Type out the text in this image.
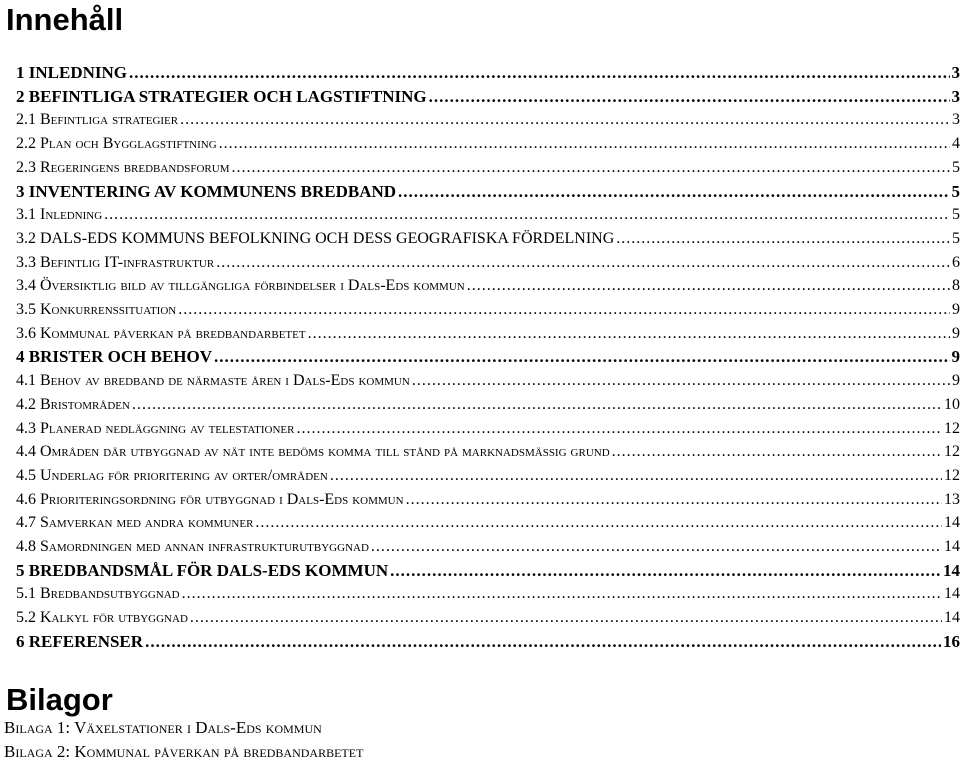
Innehåll
1 INLEDNING .....	3
2 BEFINTLIGA STRATEGIER OCH LAGSTIFTNING .....	3
2.1 Befintliga strategier .....	3
2.2 Plan och Bygglagstiftning .....	4
2.3 Regeringens bredbandsforum .....	5
3 INVENTERING AV KOMMUNENS BREDBAND .....	5
3.1 Inledning .....	5
3.2 DALS-EDS KOMMUNS BEFOLKNING OCH DESS GEOGRAFISKA FÖRDELNING .....	5
3.3 Befintlig IT-infrastruktur .....	6
3.4 Översiktlig bild av tillgängliga förbindelser i Dals-Eds kommun .....	8
3.5 Konkurrenssituation .....	9
3.6 Kommunal påverkan på bredbandarbetet .....	9
4 BRISTER OCH BEHOV .....	9
4.1 Behov av bredband de närmaste åren i Dals-Eds kommun .....	9
4.2 Bristområden .....	10
4.3 Planerad nedläggning av telestationer .....	12
4.4 Områden där utbyggnad av nät inte bedöms komma till stånd på marknadsmässig grund .....	12
4.5 Underlag för prioritering av orter/områden .....	12
4.6 Prioriteringsordning för utbyggnad i Dals-Eds kommun .....	13
4.7 Samverkan med andra kommuner .....	14
4.8 Samordningen med annan infrastrukturutbyggnad .....	14
5 BREDBANDSMÅL FÖR DALS-EDS KOMMUN .....	14
5.1 Bredbandsutbyggnad .....	14
5.2 Kalkyl för utbyggnad .....	14
6 REFERENSER .....	16
Bilagor
Bilaga 1: Växelstationer i Dals-Eds kommun
Bilaga 2: Kommunal påverkan på bredbandarbetet
